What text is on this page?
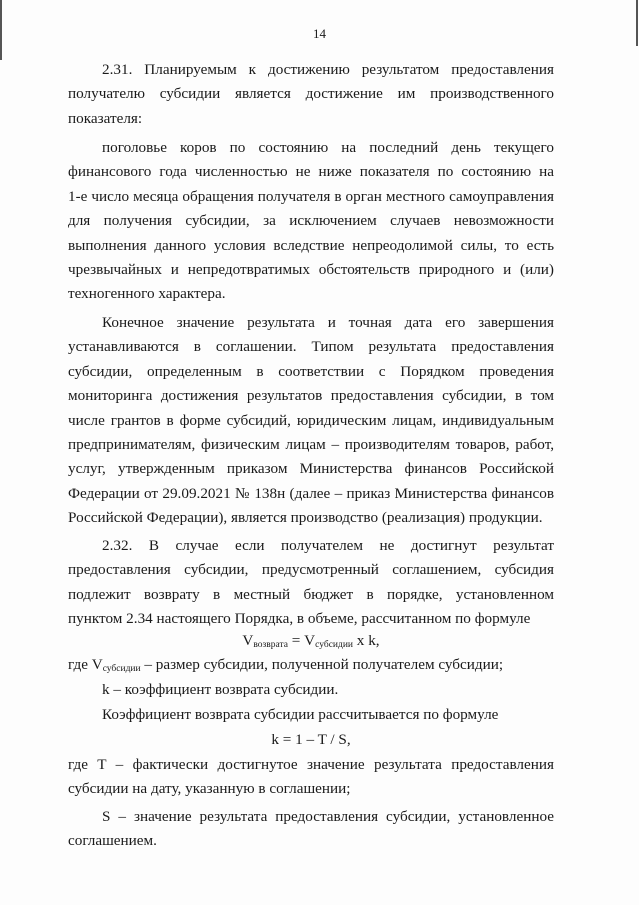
14

2.31. Планируемым к достижению результатом предоставления

получателю субсидии является достижение им производственного

показателя:

поголовье коров по состоянию на последний день текущего

финансового года численностью не ниже показателя по состоянию на

1-е число месяца обращения получателя в орган местного самоуправления

для получения субсидии, за исключением случаев невозможности

выполнения данного условия вследствие непреодолимой силы, то есть

чрезвычайных и непредотвратимых обстоятельств природного и (или)

техногенного характера.

Конечное значение результата и точная дата его завершения

устанавливаются в соглашении. Типом результата предоставления

субсидии, определенным в соответствии с Порядком проведения

мониторинга достижения результатов предоставления субсидии, в том

числе грантов в форме субсидий, юридическим лицам, индивидуальным

предпринимателям, физическим лицам – производителям товаров, работ,

услуг, утвержденным приказом Министерства финансов Российской

Федерации от 29.09.2021 № 138н (далее – приказ Министерства финансов

Российской Федерации), является производство (реализация) продукции.

2.32. В случае если получателем не достигнут результат

предоставления субсидии, предусмотренный соглашением, субсидия

подлежит возврату в местный бюджет в порядке, установленном

пунктом 2.34 настоящего Порядка, в объеме, рассчитанном по формуле

$V_{возврата} = V_{субсидии}$ x k,

где $V_{субсидии}$ – размер субсидии, полученной получателем субсидии;

k – коэффициент возврата субсидии.

Коэффициент возврата субсидии рассчитывается по формуле

k = 1 – T / S,

где T – фактически достигнутое значение результата предоставления

субсидии на дату, указанную в соглашении;

S – значение результата предоставления субсидии, установленное

соглашением.
